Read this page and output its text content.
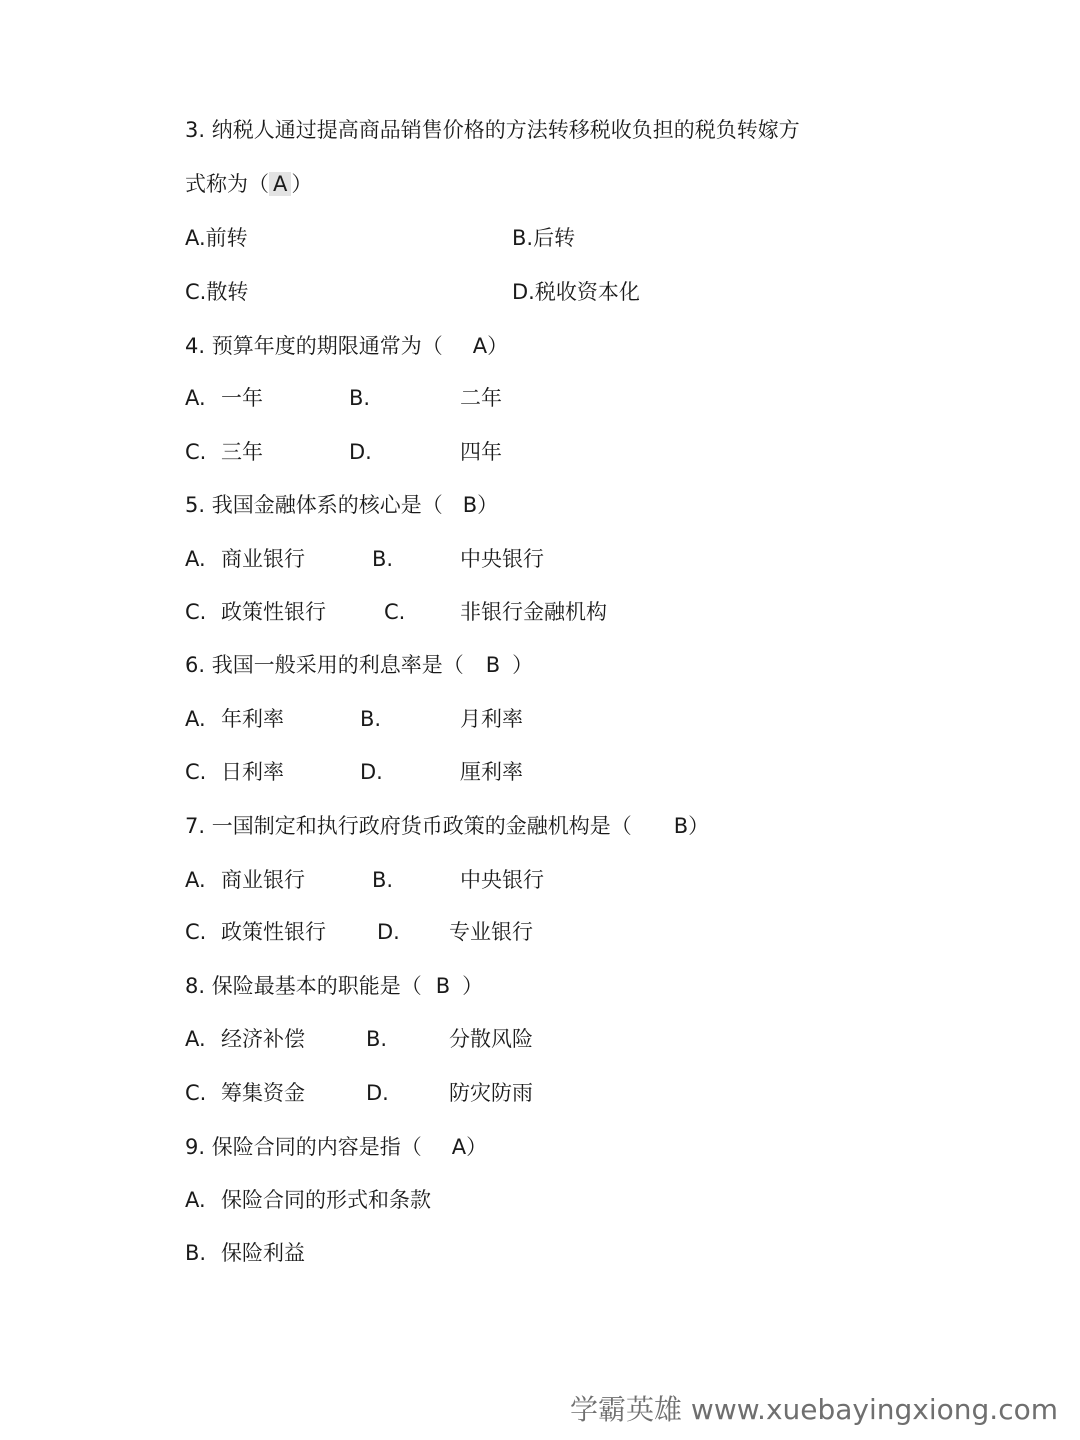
3. 纳税人通过提高商品销售价格的方法转移税收负担的税负转嫁方
式称为（ A ）
A.前转	B.后转
C.散转	D.税收资本化
4. 预算年度的期限通常为（ A）
A. 一年	B.	二年
C. 三年	D.	四年
5. 我国金融体系的核心是（ B）
A. 商业银行	B.	中央银行
C. 政策性银行	C.	非银行金融机构
6. 我国一般采用的利息率是（ B ）
A. 年利率	B.	月利率
C. 日利率	D.	厘利率
7. 一国制定和执行政府货币政策的金融机构是（ B）
A. 商业银行	B.	中央银行
C. 政策性银行 D. 专业银行
8. 保险最基本的职能是（ B ）
A. 经济补偿	B.	分散风险
C. 筹集资金	D.	防灾防雨
9. 保险合同的内容是指（ A）
A. 保险合同的形式和条款
B. 保险利益
学霸英雄 www.xuebayingxiong.com
